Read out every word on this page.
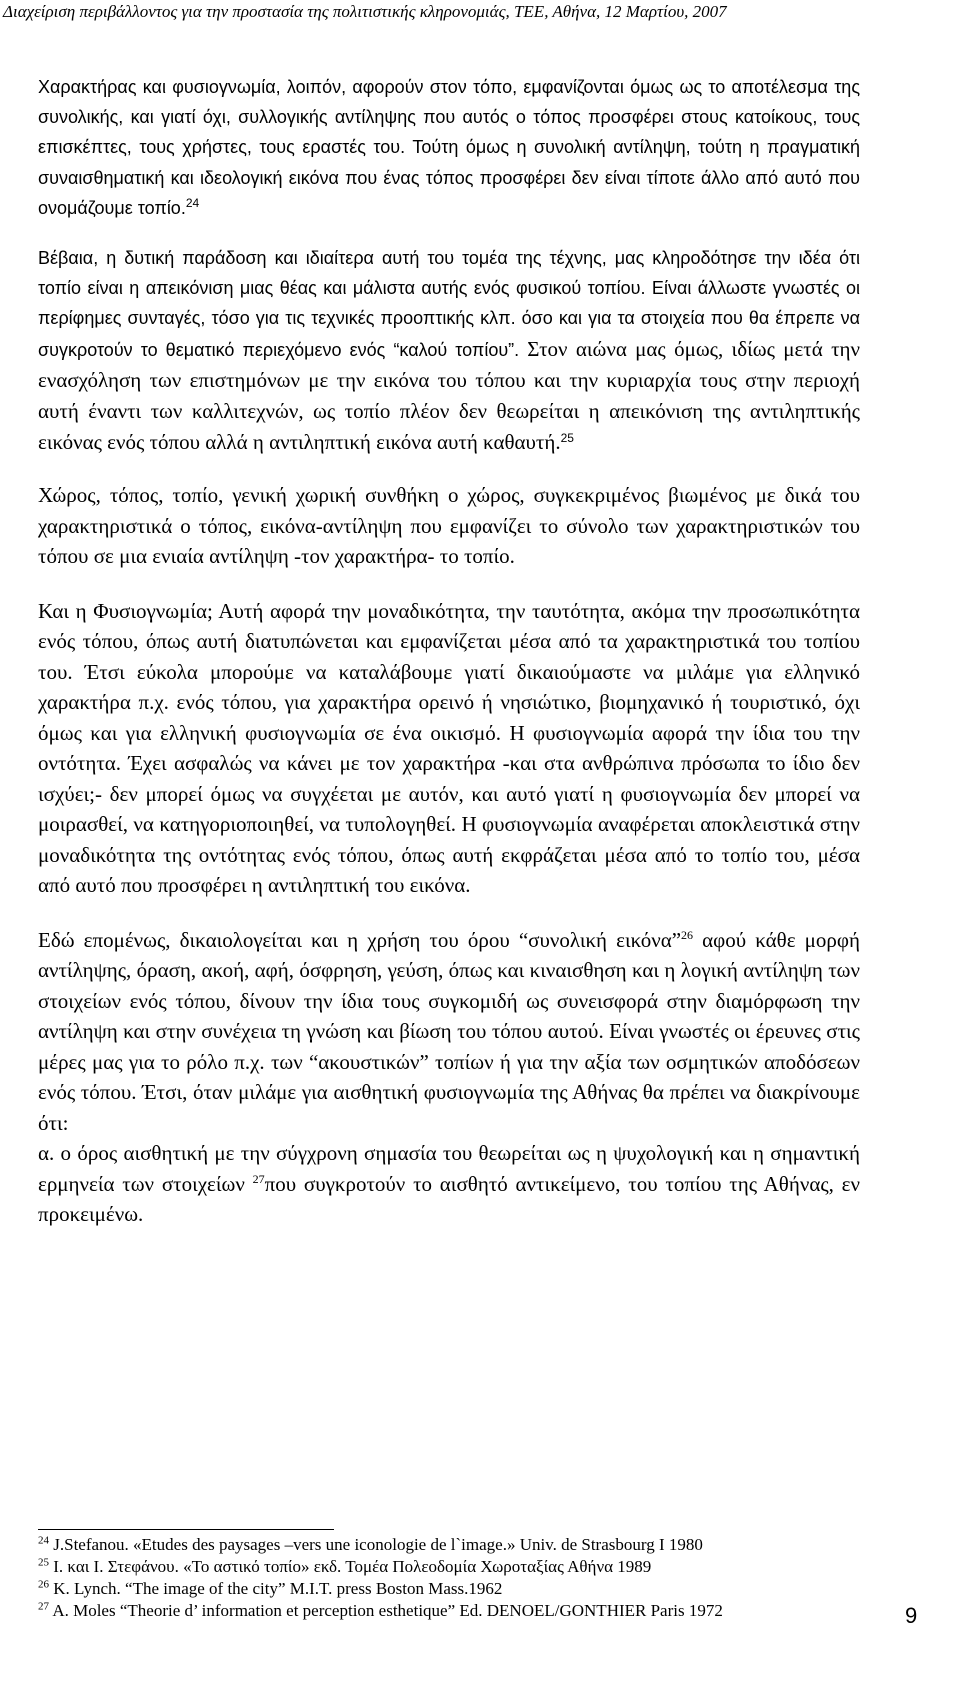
Διαχείριση περιβάλλοντος για την προστασία της πολιτιστικής κληρονομιάς, ΤΕΕ, Αθήνα, 12 Μαρτίου, 2007

Χαρακτήρας και φυσιογνωμία, λοιπόν, αφορούν στον τόπο, εμφανίζονται όμως ως το αποτέλεσμα της συνολικής, και γιατί όχι, συλλογικής αντίληψης που αυτός ο τόπος προσφέρει στους κατοίκους, τους επισκέπτες, τους χρήστες, τους εραστές του. Τούτη όμως η συνολική αντίληψη, τούτη η πραγματική συναισθηματική και ιδεολογική εικόνα που ένας τόπος προσφέρει δεν είναι τίποτε άλλο από αυτό που ονομάζουμε τοπίο.$^{24}$

Βέβαια, η δυτική παράδοση και ιδιαίτερα αυτή του τομέα της τέχνης, μας κληροδότησε την ιδέα ότι τοπίο είναι η απεικόνιση μιας θέας και μάλιστα αυτής ενός φυσικού τοπίου. Είναι άλλωστε γνωστές οι περίφημες συνταγές, τόσο για τις τεχνικές προοπτικής κλπ. όσο και για τα στοιχεία που θα έπρεπε να συγκροτούν το θεματικό περιεχόμενο ενός “καλού τοπίου”. Στον αιώνα μας όμως, ιδίως μετά την ενασχόληση των επιστημόνων με την εικόνα του τόπου και την κυριαρχία τους στην περιοχή αυτή έναντι των καλλιτεχνών, ως τοπίο πλέον δεν θεωρείται η απεικόνιση της αντιληπτικής εικόνας ενός τόπου αλλά η αντιληπτική εικόνα αυτή καθαυτή.$^{25}$

Χώρος, τόπος, τοπίο, γενική χωρική συνθήκη ο χώρος, συγκεκριμένος βιωμένος με δικά του χαρακτηριστικά ο τόπος, εικόνα-αντίληψη που εμφανίζει το σύνολο των χαρακτηριστικών του τόπου σε μια ενιαία αντίληψη -τον χαρακτήρα- το τοπίο.

Και η Φυσιογνωμία; Αυτή αφορά την μοναδικότητα, την ταυτότητα, ακόμα την προσωπικότητα ενός τόπου, όπως αυτή διατυπώνεται και εμφανίζεται μέσα από τα χαρακτηριστικά του τοπίου του. Έτσι εύκολα μπορούμε να καταλάβουμε γιατί δικαιούμαστε να μιλάμε για ελληνικό χαρακτήρα π.χ. ενός τόπου, για χαρακτήρα ορεινό ή νησιώτικο, βιομηχανικό ή τουριστικό, όχι όμως και για ελληνική φυσιογνωμία σε ένα οικισμό. Η φυσιογνωμία αφορά την ίδια του την οντότητα. Έχει ασφαλώς να κάνει με τον χαρακτήρα -και στα ανθρώπινα πρόσωπα το ίδιο δεν ισχύει;- δεν μπορεί όμως να συγχέεται με αυτόν, και αυτό γιατί η φυσιογνωμία δεν μπορεί να μοιρασθεί, να κατηγοριοποιηθεί, να τυπολογηθεί. Η φυσιογνωμία αναφέρεται αποκλειστικά στην μοναδικότητα της οντότητας ενός τόπου, όπως αυτή εκφράζεται μέσα από το τοπίο του, μέσα από αυτό που προσφέρει η αντιληπτική του εικόνα.

Εδώ επομένως, δικαιολογείται και η χρήση του όρου “συνολική εικόνα”$^{26}$ αφού κάθε μορφή αντίληψης, όραση, ακοή, αφή, όσφρηση, γεύση, όπως και κιναισθηση και η λογική αντίληψη των στοιχείων ενός τόπου, δίνουν την ίδια τους συγκομιδή ως συνεισφορά στην διαμόρφωση την αντίληψη και στην συνέχεια τη γνώση και βίωση του τόπου αυτού. Είναι γνωστές οι έρευνες στις μέρες μας για το ρόλο π.χ. των “ακουστικών” τοπίων ή για την αξία των οσμητικών αποδόσεων ενός τόπου. Έτσι, όταν μιλάμε για αισθητική φυσιογνωμία της Αθήνας θα πρέπει να διακρίνουμε ότι:

α. ο όρος αισθητική με την σύγχρονη σημασία του θεωρείται ως η ψυχολογική και η σημαντική ερμηνεία των στοιχείων $^{27}$που συγκροτούν το αισθητό αντικείμενο, του τοπίου της Αθήνας, εν προκειμένω.

$^{24}$ J.Stefanou. «Etudes des paysages –vers une iconologie de l`image.» Univ. de Strasbourg I 1980
$^{25}$ I. και I. Στεφάνου. «Το αστικό τοπίο» εκδ. Τομέα Πολεοδομία Χωροταξίας Αθήνα 1989
$^{26}$ K. Lynch. “The image of the city” M.I.T. press Boston Mass.1962
$^{27}$ A. Moles “Theorie d’ information et perception esthetique” Ed. DENOEL/GONTHIER Paris 1972	9
